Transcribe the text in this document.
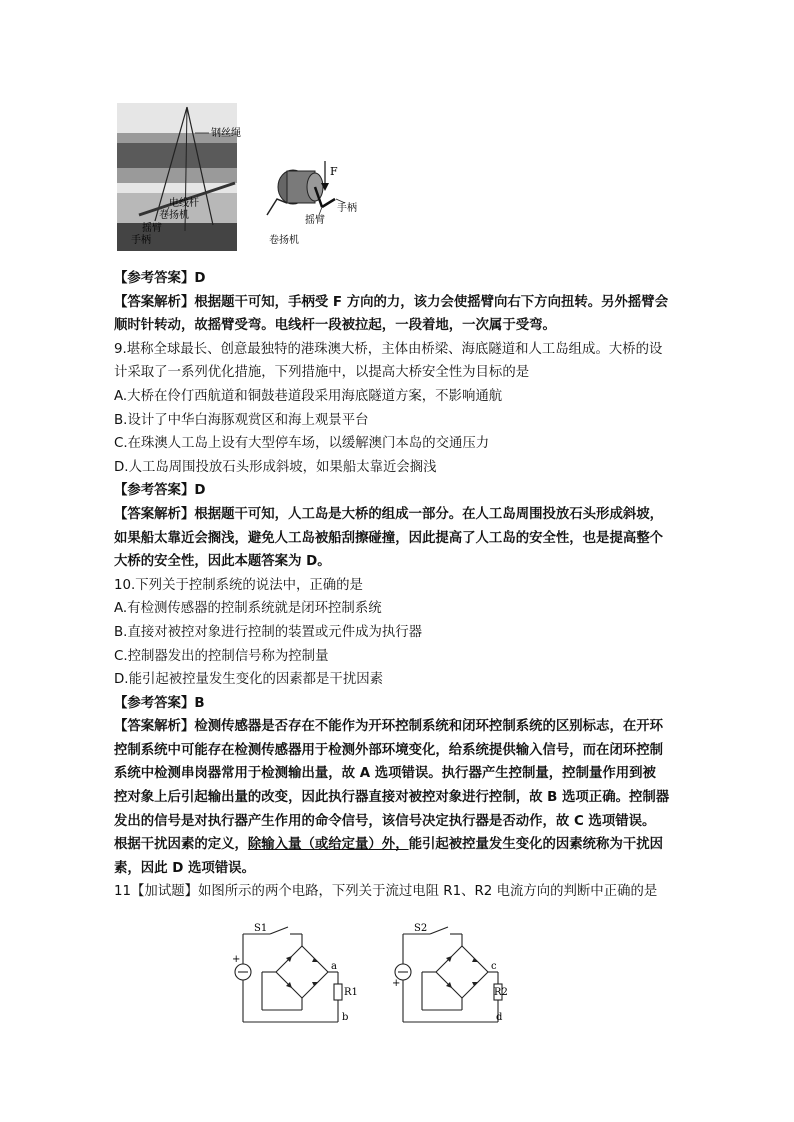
钢丝绳
电线杆
卷扬机
摇臂
手柄
F
手柄
摇臂
卷扬机
【参考答案】D
【答案解析】根据题干可知，手柄受 F 方向的力，该力会使摇臂向右下方向扭转。另外摇臂会
顺时针转动，故摇臂受弯。电线杆一段被拉起，一段着地，一次属于受弯。
9.堪称全球最长、创意最独特的港珠澳大桥，主体由桥梁、海底隧道和人工岛组成。大桥的设
计采取了一系列优化措施，下列措施中，以提高大桥安全性为目标的是
A.大桥在伶仃西航道和铜鼓巷道段采用海底隧道方案，不影响通航
B.设计了中华白海豚观赏区和海上观景平台
C.在珠澳人工岛上设有大型停车场，以缓解澳门本岛的交通压力
D.人工岛周围投放石头形成斜坡，如果船太靠近会搁浅
【参考答案】D
【答案解析】根据题干可知，人工岛是大桥的组成一部分。在人工岛周围投放石头形成斜坡，
如果船太靠近会搁浅，避免人工岛被船刮擦碰撞，因此提高了人工岛的安全性，也是提高整个
大桥的安全性，因此本题答案为 D。
10.下列关于控制系统的说法中，正确的是
A.有检测传感器的控制系统就是闭环控制系统
B.直接对被控对象进行控制的装置或元件成为执行器
C.控制器发出的控制信号称为控制量
D.能引起被控量发生变化的因素都是干扰因素
【参考答案】B
【答案解析】检测传感器是否存在不能作为开环控制系统和闭环控制系统的区别标志，在开环
控制系统中可能存在检测传感器用于检测外部环境变化，给系统提供输入信号，而在闭环控制
系统中检测串岗器常用于检测输出量，故 A 选项错误。执行器产生控制量，控制量作用到被
控对象上后引起输出量的改变，因此执行器直接对被控对象进行控制，故 B 选项正确。控制器
发出的信号是对执行器产生作用的命令信号，该信号决定执行器是否动作，故 C 选项错误。
根据干扰因素的定义，除输入量（或给定量）外，能引起被控量发生变化的因素统称为干扰因
素，因此 D 选项错误。
11【加试题】如图所示的两个电路，下列关于流过电阻 R1、R2 电流方向的判断中正确的是
S1
+
a
R1
b
S2
+
c
R2
d
